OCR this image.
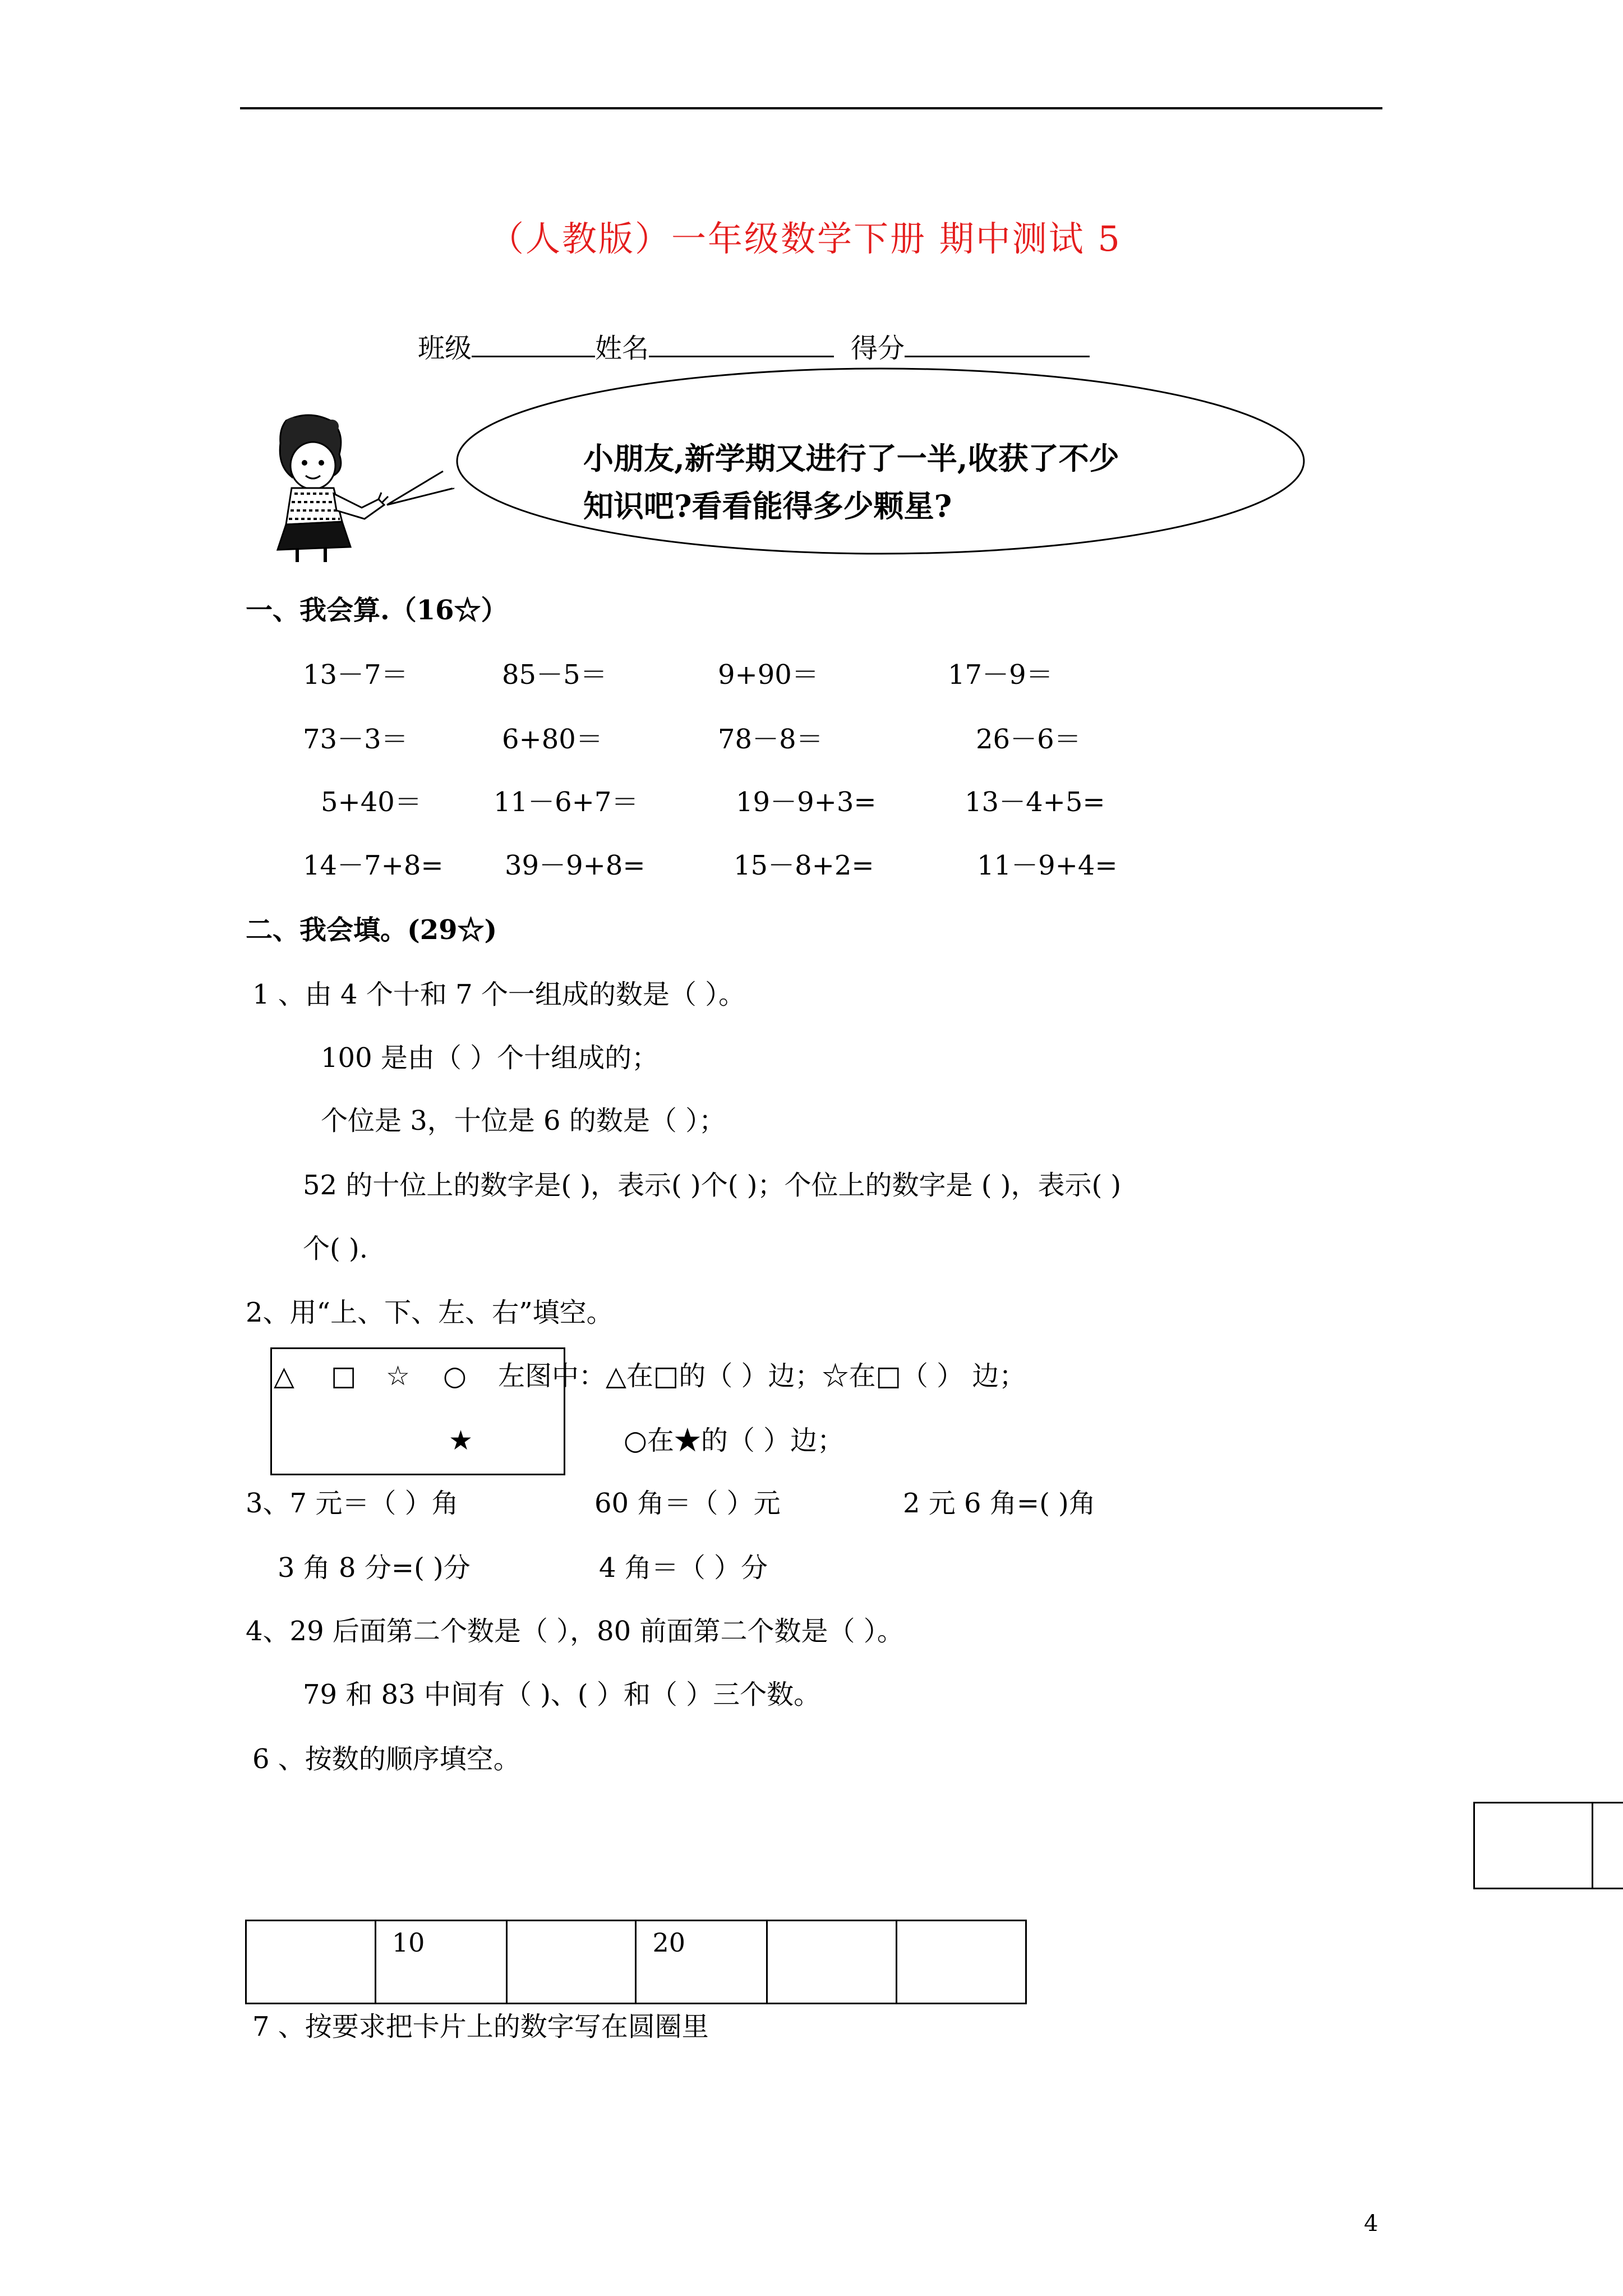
（人教版）一年级数学下册 期中测试 5
班级	姓名	得分
小朋友,新学期又进行了一半,收获了不少
知识吧?看看能得多少颗星?
一、我会算.（16☆）
13－7＝	85－5＝	9+90＝	17－9＝
73－3＝	6+80＝	78－8＝	26－6＝
5+40＝	11－6+7＝	19－9+3=	13－4+5=
14－7+8= 39－9+8=	15－8+2=	11－9+4=
二、我会填。(29☆)
1 、由 4 个十和 7 个一组成的数是（ ）。
100 是由（ ）个十组成的；
个位是 3，十位是 6 的数是（ ）；
52 的十位上的数字是( )，表示( )个( )；个位上的数字是 ( )，表示( )
个( ).
2、用“上、下、左、右”填空。
△ □ ☆ ○
★
左图中：△在□的（ ）边；☆在□（ ） 边；
○在★的（ ）边；
3、7 元＝（ ）角	60 角＝（ ）元	2 元 6 角=( )角
3 角 8 分=( )分	4 角＝（ ）分
4、29 后面第二个数是（ ），80 前面第二个数是（ ）。
79 和 83 中间有（ )、( ）和（ ）三个数。
6 、按数的顺序填空。
	10		20		
7 、按要求把卡片上的数字写在圆圈里
4
